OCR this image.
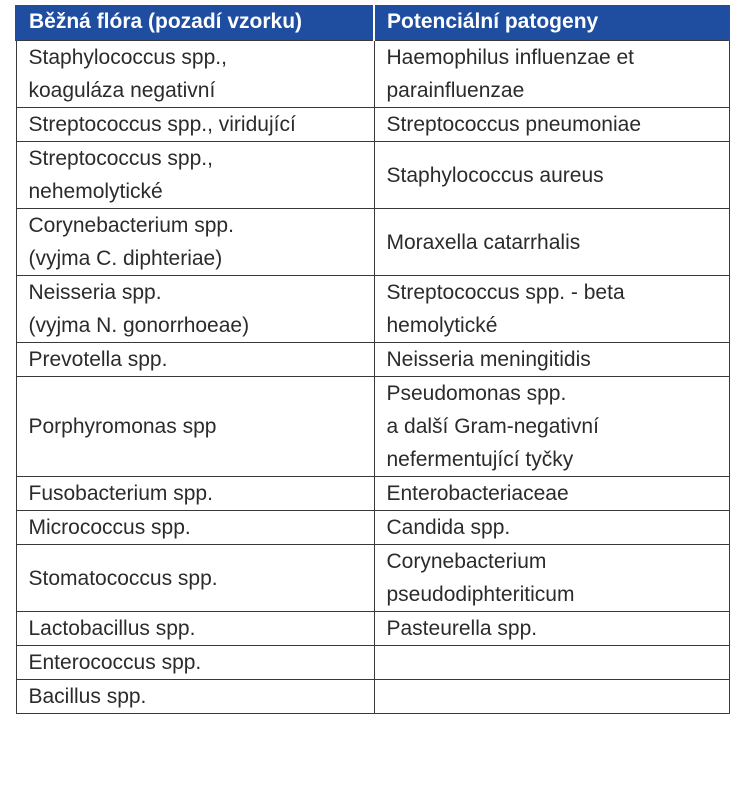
Běžná flóra (pozadí vzorku)	Potenciální patogeny

Staphylococcus spp.,
koaguláza negativní	Haemophilus influenzae et
parainfluenzae

Streptococcus spp., viridující	Streptococcus pneumoniae

Streptococcus spp.,
nehemolytické	Staphylococcus aureus

Corynebacterium spp.
(vyjma C. diphteriae)	Moraxella catarrhalis

Neisseria spp.
(vyjma N. gonorrhoeae)	Streptococcus spp. - beta
hemolytické

Prevotella spp.	Neisseria meningitidis

Porphyromonas spp	Pseudomonas spp.
a další Gram-negativní
nefermentující tyčky

Fusobacterium spp.	Enterobacteriaceae

Micrococcus spp.	Candida spp.

Stomatococcus spp.	Corynebacterium
pseudodiphteriticum

Lactobacillus spp.	Pasteurella spp.

Enterococcus spp.	

Bacillus spp.	
